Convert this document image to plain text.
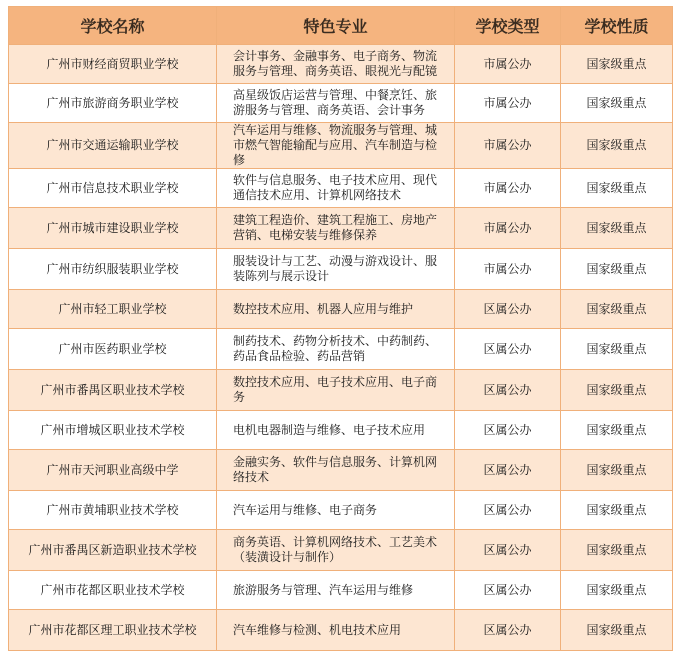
学校名称	特色专业	学校类型	学校性质
广州市财经商贸职业学校	会计事务、金融事务、电子商务、物流服务与管理、商务英语、眼视光与配镜	市属公办	国家级重点
广州市旅游商务职业学校	高星级饭店运营与管理、中餐烹饪、旅游服务与管理、商务英语、会计事务	市属公办	国家级重点
广州市交通运输职业学校	汽车运用与维修、物流服务与管理、城市燃气智能输配与应用、汽车制造与检修	市属公办	国家级重点
广州市信息技术职业学校	软件与信息服务、电子技术应用、现代通信技术应用、计算机网络技术	市属公办	国家级重点
广州市城市建设职业学校	建筑工程造价、建筑工程施工、房地产营销、电梯安装与维修保养	市属公办	国家级重点
广州市纺织服装职业学校	服装设计与工艺、动漫与游戏设计、服装陈列与展示设计	市属公办	国家级重点
广州市轻工职业学校	数控技术应用、机器人应用与维护	区属公办	国家级重点
广州市医药职业学校	制药技术、药物分析技术、中药制药、药品食品检验、药品营销	区属公办	国家级重点
广州市番禺区职业技术学校	数控技术应用、电子技术应用、电子商务	区属公办	国家级重点
广州市增城区职业技术学校	电机电器制造与维修、电子技术应用	区属公办	国家级重点
广州市天河职业高级中学	金融实务、软件与信息服务、计算机网络技术	区属公办	国家级重点
广州市黄埔职业技术学校	汽车运用与维修、电子商务	区属公办	国家级重点
广州市番禺区新造职业技术学校	商务英语、计算机网络技术、工艺美术（装潢设计与制作）	区属公办	国家级重点
广州市花都区职业技术学校	旅游服务与管理、汽车运用与维修	区属公办	国家级重点
广州市花都区理工职业技术学校	汽车维修与检测、机电技术应用	区属公办	国家级重点
